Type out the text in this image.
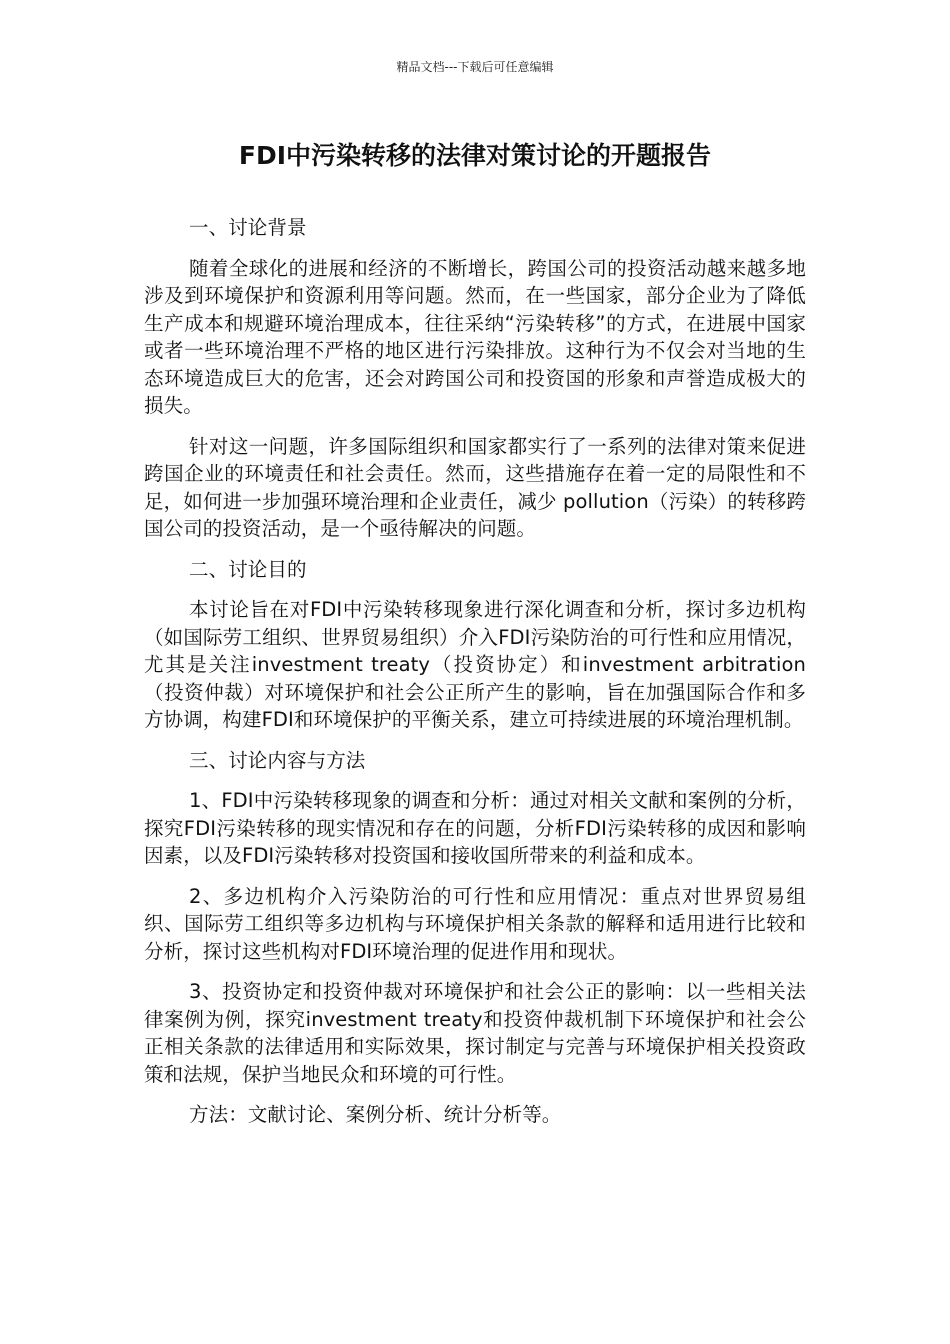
精品文档---下载后可任意编辑
FDI中污染转移的法律对策讨论的开题报告

一、讨论背景

随着全球化的进展和经济的不断增长，跨国公司的投资活动越来越多地涉及到环境保护和资源利用等问题。然而，在一些国家，部分企业为了降低生产成本和规避环境治理成本，往往采纳“污染转移”的方式，在进展中国家或者一些环境治理不严格的地区进行污染排放。这种行为不仅会对当地的生态环境造成巨大的危害，还会对跨国公司和投资国的形象和声誉造成极大的损失。

针对这一问题，许多国际组织和国家都实行了一系列的法律对策来促进跨国企业的环境责任和社会责任。然而，这些措施存在着一定的局限性和不足，如何进一步加强环境治理和企业责任，减少 pollution（污染）的转移跨国公司的投资活动，是一个亟待解决的问题。

二、讨论目的

本讨论旨在对FDI中污染转移现象进行深化调查和分析，探讨多边机构（如国际劳工组织、世界贸易组织）介入FDI污染防治的可行性和应用情况，尤其是关注investment treaty（投资协定）和investment arbitration（投资仲裁）对环境保护和社会公正所产生的影响，旨在加强国际合作和多方协调，构建FDI和环境保护的平衡关系，建立可持续进展的环境治理机制。

三、讨论内容与方法

1、FDI中污染转移现象的调查和分析：通过对相关文献和案例的分析，探究FDI污染转移的现实情况和存在的问题，分析FDI污染转移的成因和影响因素，以及FDI污染转移对投资国和接收国所带来的利益和成本。

2、多边机构介入污染防治的可行性和应用情况：重点对世界贸易组织、国际劳工组织等多边机构与环境保护相关条款的解释和适用进行比较和分析，探讨这些机构对FDI环境治理的促进作用和现状。

3、投资协定和投资仲裁对环境保护和社会公正的影响：以一些相关法律案例为例，探究investment treaty和投资仲裁机制下环境保护和社会公正相关条款的法律适用和实际效果，探讨制定与完善与环境保护相关投资政策和法规，保护当地民众和环境的可行性。

方法：文献讨论、案例分析、统计分析等。
